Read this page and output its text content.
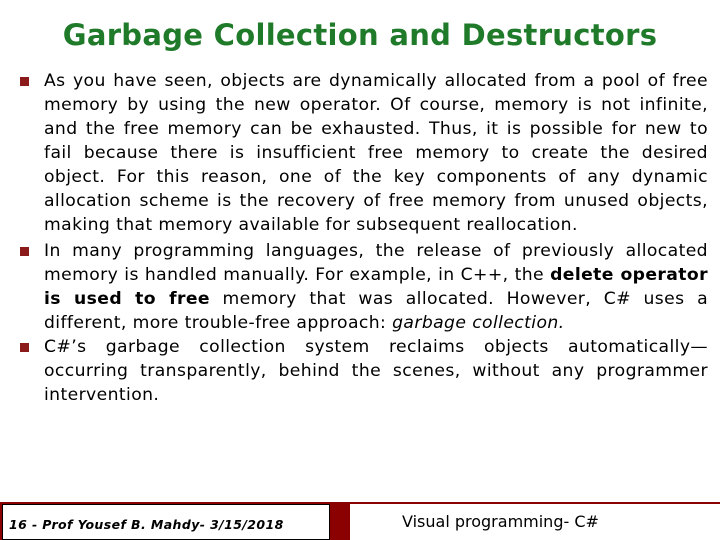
Garbage Collection and Destructors
As you have seen, objects are dynamically allocated from a pool of free memory by using the new operator. Of course, memory is not infinite, and the free memory can be exhausted. Thus, it is possible for new to fail because there is insufficient free memory to create the desired object. For this reason, one of the key components of any dynamic allocation scheme is the recovery of free memory from unused objects, making that memory available for subsequent reallocation.
In many programming languages, the release of previously allocated memory is handled manually. For example, in C++, the delete operator is used to free memory that was allocated. However, C# uses a different, more trouble-free approach: garbage collection.
C#’s garbage collection system reclaims objects automatically—occurring transparently, behind the scenes, without any programmer intervention.
16 - Prof Yousef B. Mahdy- 3/15/2018	Visual programming- C#
